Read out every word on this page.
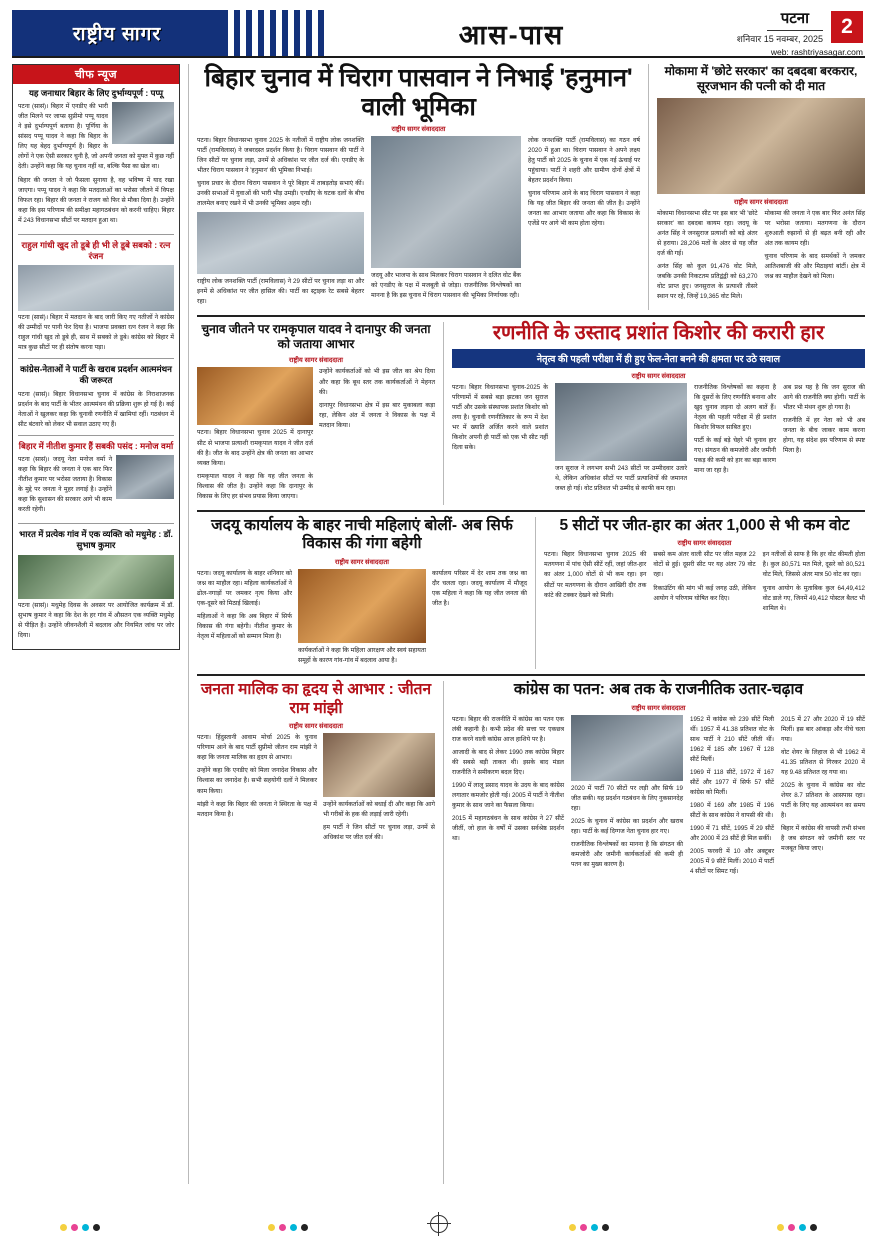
राष्ट्रीय सागर	आस-पास
पटना
शनिवार 15 नवम्बर, 2025
2
web: rashtriyasagar.com
चीफ न्यूज
यह जनाधार बिहार के लिए दुर्भाग्यपूर्ण : पप्पू

पटना (सासं)। बिहार में एनडीए की भारी जीत मिलने पर जाप्स सुप्रीमो पप्पू यादव ने इसे दुर्भाग्यपूर्ण बताया है। पूर्णिया के सांसद पप्पू यादव ने कहा कि बिहार के लिए यह बेहद दुर्भाग्यपूर्ण है। बिहार के लोगों ने एक ऐसी सरकार चुनी है, जो अपनी जनता को मुफ्त में कुछ नहीं देती। उन्होंने कहा कि यह चुनाव नहीं था, बल्कि पैसा का खेल था।

बिहार की जनता ने जो फैसला सुनाया है, वह भविष्य में याद रखा जाएगा। पप्पू यादव ने कहा कि मतदाताओं का भरोसा जीतने में विपक्ष विफल रहा। बिहार की जनता ने राजग को फिर से मौका दिया है। उन्होंने कहा कि इस परिणाम की समीक्षा महागठबंधन को करनी चाहिए। बिहार में 243 विधानसभा सीटों पर मतदान हुआ था।

राहुल गांधी खुद तो डूबे ही भी ले डूबे सबको : रत्न रंजन

पटना (सासं)। बिहार में मतदान के बाद जारी किए गए नतीजों ने कांग्रेस की उम्मीदों पर पानी फेर दिया है। भाजपा प्रवक्ता रत्न रंजन ने कहा कि राहुल गांधी खुद तो डूबे ही, साथ में सबको ले डूबे। कांग्रेस को बिहार में मात्र कुछ सीटों पर ही संतोष करना पड़ा।

कांग्रेस-नेताओं ने पार्टी के खराब प्रदर्शन आत्ममंथन की जरूरत

पटना (सासं)। बिहार विधानसभा चुनाव में कांग्रेस के निराशाजनक प्रदर्शन के बाद पार्टी के भीतर आत्ममंथन की प्रक्रिया शुरू हो गई है। कई नेताओं ने खुलकर कहा कि चुनावी रणनीति में खामियां रहीं। गठबंधन में सीट बंटवारे को लेकर भी सवाल उठाए गए हैं।

बिहार में नीतीश कुमार हैं सबकी पसंद : मनोज वर्मा

पटना (सासं)। जदयू नेता मनोज वर्मा ने कहा कि बिहार की जनता ने एक बार फिर नीतीश कुमार पर भरोसा जताया है। विकास के मुद्दे पर जनता ने मुहर लगाई है। उन्होंने कहा कि सुशासन की सरकार आगे भी काम करती रहेगी।

भारत में प्रत्येक गांव में एक व्यक्ति को मधुमेह : डॉ. सुभाष कुमार

पटना (सासं)। मधुमेह दिवस के अवसर पर आयोजित कार्यक्रम में डॉ. सुभाष कुमार ने कहा कि देश के हर गांव में औसतन एक व्यक्ति मधुमेह से पीड़ित है। उन्होंने जीवनशैली में बदलाव और नियमित जांच पर जोर दिया।

बिहार चुनाव में चिराग पासवान ने निभाई 'हनुमान' वाली भूमिका
राष्ट्रीय सागर संवाददाता

पटना। बिहार विधानसभा चुनाव 2025 के नतीजों में राष्ट्रीय लोक जनशक्ति पार्टी (रामविलास) ने जबरदस्त प्रदर्शन किया है। चिराग पासवान की पार्टी ने जिन सीटों पर चुनाव लड़ा, उनमें से अधिकांश पर जीत दर्ज की। एनडीए के भीतर चिराग पासवान ने 'हनुमान' की भूमिका निभाई।

चुनाव प्रचार के दौरान चिराग पासवान ने पूरे बिहार में ताबड़तोड़ सभाएं कीं। उनकी सभाओं में युवाओं की भारी भीड़ उमड़ी। एनडीए के घटक दलों के बीच तालमेल बनाए रखने में भी उनकी भूमिका अहम रही।

राष्ट्रीय लोक जनशक्ति पार्टी (रामविलास) ने 29 सीटों पर चुनाव लड़ा था और इनमें से अधिकांश पर जीत हासिल की। पार्टी का स्ट्राइक रेट सबसे बेहतर रहा।

जदयू और भाजपा के साथ मिलकर चिराग पासवान ने दलित वोट बैंक को एनडीए के पक्ष में मजबूती से जोड़ा। राजनीतिक विश्लेषकों का मानना है कि इस चुनाव में चिराग पासवान की भूमिका निर्णायक रही।

लोक जनशक्ति पार्टी (रामविलास) का गठन वर्ष 2020 में हुआ था। चिराग पासवान ने अपने लक्ष्य हेतु पार्टी को 2025 के चुनाव में एक नई ऊंचाई पर पहुंचाया। पार्टी ने शहरी और ग्रामीण दोनों क्षेत्रों में बेहतर प्रदर्शन किया।

चुनाव परिणाम आने के बाद चिराग पासवान ने कहा कि यह जीत बिहार की जनता की जीत है। उन्होंने जनता का आभार जताया और कहा कि विकास के एजेंडे पर आगे भी काम होता रहेगा।

मोकामा में 'छोटे सरकार' का दबदबा बरकरार, सूरजभान की पत्नी को दी मात
राष्ट्रीय सागर संवाददाता

मोकामा विधानसभा सीट पर इस बार भी 'छोटे सरकार' का दबदबा कायम रहा। जदयू के अनंत सिंह ने जनसुराज प्रत्याशी को बड़े अंतर से हराया। 28,206 मतों के अंतर से यह जीत दर्ज की गई।

अनंत सिंह को कुल 91,476 वोट मिले, जबकि उनकी निकटतम प्रतिद्वंद्वी को 63,270 वोट प्राप्त हुए। जनसुराज के प्रत्याशी तीसरे स्थान पर रहे, जिन्हें 19,365 वोट मिले।

मोकामा की जनता ने एक बार फिर अनंत सिंह पर भरोसा जताया। मतगणना के दौरान शुरुआती रुझानों से ही बढ़त बनी रही और अंत तक कायम रही।

चुनाव परिणाम के बाद समर्थकों ने जमकर आतिशबाजी की और मिठाइयां बांटीं। क्षेत्र में जश्न का माहौल देखने को मिला।

चुनाव जीतने पर रामकृपाल यादव ने दानापुर की जनता को जताया आभार
राष्ट्रीय सागर संवाददाता

पटना। बिहार विधानसभा चुनाव 2025 में दानापुर सीट से भाजपा प्रत्याशी रामकृपाल यादव ने जीत दर्ज की है। जीत के बाद उन्होंने क्षेत्र की जनता का आभार व्यक्त किया।

रामकृपाल यादव ने कहा कि यह जीत जनता के विश्वास की जीत है। उन्होंने कहा कि दानापुर के विकास के लिए हर संभव प्रयास किया जाएगा।

उन्होंने कार्यकर्ताओं को भी इस जीत का श्रेय दिया और कहा कि बूथ स्तर तक कार्यकर्ताओं ने मेहनत की।

दानापुर विधानसभा क्षेत्र में इस बार मुकाबला कड़ा रहा, लेकिन अंत में जनता ने विकास के पक्ष में मतदान किया।

रणनीति के उस्ताद प्रशांत किशोर की करारी हार
नेतृत्व की पहली परीक्षा में ही हुए फेल-नेता बनने की क्षमता पर उठे सवाल
राष्ट्रीय सागर संवाददाता

पटना। बिहार विधानसभा चुनाव-2025 के परिणामों में सबसे बड़ा झटका जन सुराज पार्टी और उसके संस्थापक प्रशांत किशोर को लगा है। चुनावी रणनीतिकार के रूप में देश भर में ख्याति अर्जित करने वाले प्रशांत किशोर अपनी ही पार्टी को एक भी सीट नहीं दिला सके।

जन सुराज ने लगभग सभी 243 सीटों पर उम्मीदवार उतारे थे, लेकिन अधिकांश सीटों पर पार्टी प्रत्याशियों की जमानत जब्त हो गई। वोट प्रतिशत भी उम्मीद से काफी कम रहा।

राजनीतिक विश्लेषकों का कहना है कि दूसरों के लिए रणनीति बनाना और खुद चुनाव लड़ना दो अलग बातें हैं। नेतृत्व की पहली परीक्षा में ही प्रशांत किशोर विफल साबित हुए।

पार्टी के कई बड़े चेहरे भी चुनाव हार गए। संगठन की कमजोरी और जमीनी पकड़ की कमी को हार का बड़ा कारण माना जा रहा है।

अब प्रश्न यह है कि जन सुराज की आगे की राजनीति क्या होगी। पार्टी के भीतर भी मंथन शुरू हो गया है।

राजनीति में हर नेता को भी अब जनता के बीच जाकर काम करना होगा, यह संदेश इस परिणाम से स्पष्ट मिला है।

जदयू कार्यालय के बाहर नाची महिलाएं बोलीं- अब सिर्फ विकास की गंगा बहेगी
राष्ट्रीय सागर संवाददाता

पटना। जदयू कार्यालय के बाहर शनिवार को जश्न का माहौल रहा। महिला कार्यकर्ताओं ने ढोल-नगाड़ों पर जमकर नृत्य किया और एक-दूसरे को मिठाई खिलाई।

महिलाओं ने कहा कि अब बिहार में सिर्फ विकास की गंगा बहेगी। नीतीश कुमार के नेतृत्व में महिलाओं को सम्मान मिला है।

कार्यकर्ताओं ने कहा कि महिला आरक्षण और स्वयं सहायता समूहों के कारण गांव-गांव में बदलाव आया है।

कार्यालय परिसर में देर शाम तक जश्न का दौर चलता रहा। जदयू कार्यालय में मौजूद एक महिला ने कहा कि यह जीत जनता की जीत है।

5 सीटों पर जीत-हार का अंतर 1,000 से भी कम वोट
राष्ट्रीय सागर संवाददाता

पटना। बिहार विधानसभा चुनाव 2025 की मतगणना में पांच ऐसी सीटें रहीं, जहां जीत-हार का अंतर 1,000 वोटों से भी कम रहा। इन सीटों पर मतगणना के दौरान आखिरी दौर तक कांटे की टक्कर देखने को मिली।

सबसे कम अंतर वाली सीट पर जीत महज 22 वोटों से हुई। दूसरी सीट पर यह अंतर 79 वोट रहा।

रिकाउंटिंग की मांग भी कई जगह उठी, लेकिन आयोग ने परिणाम घोषित कर दिए।

इन नतीजों से साफ है कि हर वोट कीमती होता है। कुल 80,571 मत मिले, दूसरे को 80,521 वोट मिले, जिससे अंतर मात्र 50 वोट का रहा।

चुनाव आयोग के मुताबिक कुल 64,49,412 वोट डाले गए, जिनमें 49,412 पोस्टल बैलट भी शामिल थे।

जनता मालिक का हृदय से आभार : जीतन राम मांझी
राष्ट्रीय सागर संवाददाता

पटना। हिंदुस्तानी आवाम मोर्चा 2025 के चुनाव परिणाम आने के बाद पार्टी सुप्रीमो जीतन राम मांझी ने कहा कि जनता मालिक का हृदय से आभार।

उन्होंने कहा कि एनडीए को मिला जनादेश विकास और विश्वास का जनादेश है। सभी सहयोगी दलों ने मिलकर काम किया।

मांझी ने कहा कि बिहार की जनता ने स्थिरता के पक्ष में मतदान किया है।

उन्होंने कार्यकर्ताओं को बधाई दी और कहा कि आगे भी गरीबों के हक की लड़ाई जारी रहेगी।

हम पार्टी ने जिन सीटों पर चुनाव लड़ा, उनमें से अधिकांश पर जीत दर्ज की।

कांग्रेस का पतन: अब तक के राजनीतिक उतार-चढ़ाव
राष्ट्रीय सागर संवाददाता

पटना। बिहार की राजनीति में कांग्रेस का पतन एक लंबी कहानी है। कभी प्रदेश की सत्ता पर एकछत्र राज करने वाली कांग्रेस आज हाशिये पर है।

आजादी के बाद से लेकर 1990 तक कांग्रेस बिहार की सबसे बड़ी ताकत थी। इसके बाद मंडल राजनीति ने समीकरण बदल दिए।

1990 में लालू प्रसाद यादव के उदय के बाद कांग्रेस लगातार कमजोर होती गई। 2005 में पार्टी ने नीतीश कुमार के साथ जाने का फैसला किया।

2015 में महागठबंधन के साथ कांग्रेस ने 27 सीटें जीतीं, जो हाल के वर्षों में उसका सर्वश्रेष्ठ प्रदर्शन था।

2020 में पार्टी 70 सीटों पर लड़ी और सिर्फ 19 जीत सकी। यह प्रदर्शन गठबंधन के लिए नुकसानदेह रहा।

2025 के चुनाव में कांग्रेस का प्रदर्शन और खराब रहा। पार्टी के कई दिग्गज नेता चुनाव हार गए।

राजनीतिक विश्लेषकों का मानना है कि संगठन की कमजोरी और जमीनी कार्यकर्ताओं की कमी ही पतन का मुख्य कारण है।

1952 में कांग्रेस को 239 सीटें मिली थीं। 1957 में 41.38 प्रतिशत वोट के साथ पार्टी ने 210 सीटें जीती थीं। 1962 में 185 और 1967 में 128 सीटें मिलीं।

1969 में 118 सीटें, 1972 में 167 सीटें और 1977 में सिर्फ 57 सीटें कांग्रेस को मिलीं।

1980 में 169 और 1985 में 196 सीटों के साथ कांग्रेस ने वापसी की थी।

1990 में 71 सीटें, 1995 में 29 सीटें और 2000 में 23 सीटें ही मिल सकीं।

2005 फरवरी में 10 और अक्टूबर 2005 में 9 सीटें मिलीं। 2010 में पार्टी 4 सीटों पर सिमट गई।

2015 में 27 और 2020 में 19 सीटें मिलीं। इस बार आंकड़ा और नीचे चला गया।

वोट शेयर के लिहाज से भी 1962 में 41.35 प्रतिशत से गिरकर 2020 में यह 9.48 प्रतिशत रह गया था।

2025 के चुनाव में कांग्रेस का वोट शेयर 8.7 प्रतिशत के आसपास रहा। पार्टी के लिए यह आत्ममंथन का समय है।

बिहार में कांग्रेस की वापसी तभी संभव है जब संगठन को जमीनी स्तर पर मजबूत किया जाए।
